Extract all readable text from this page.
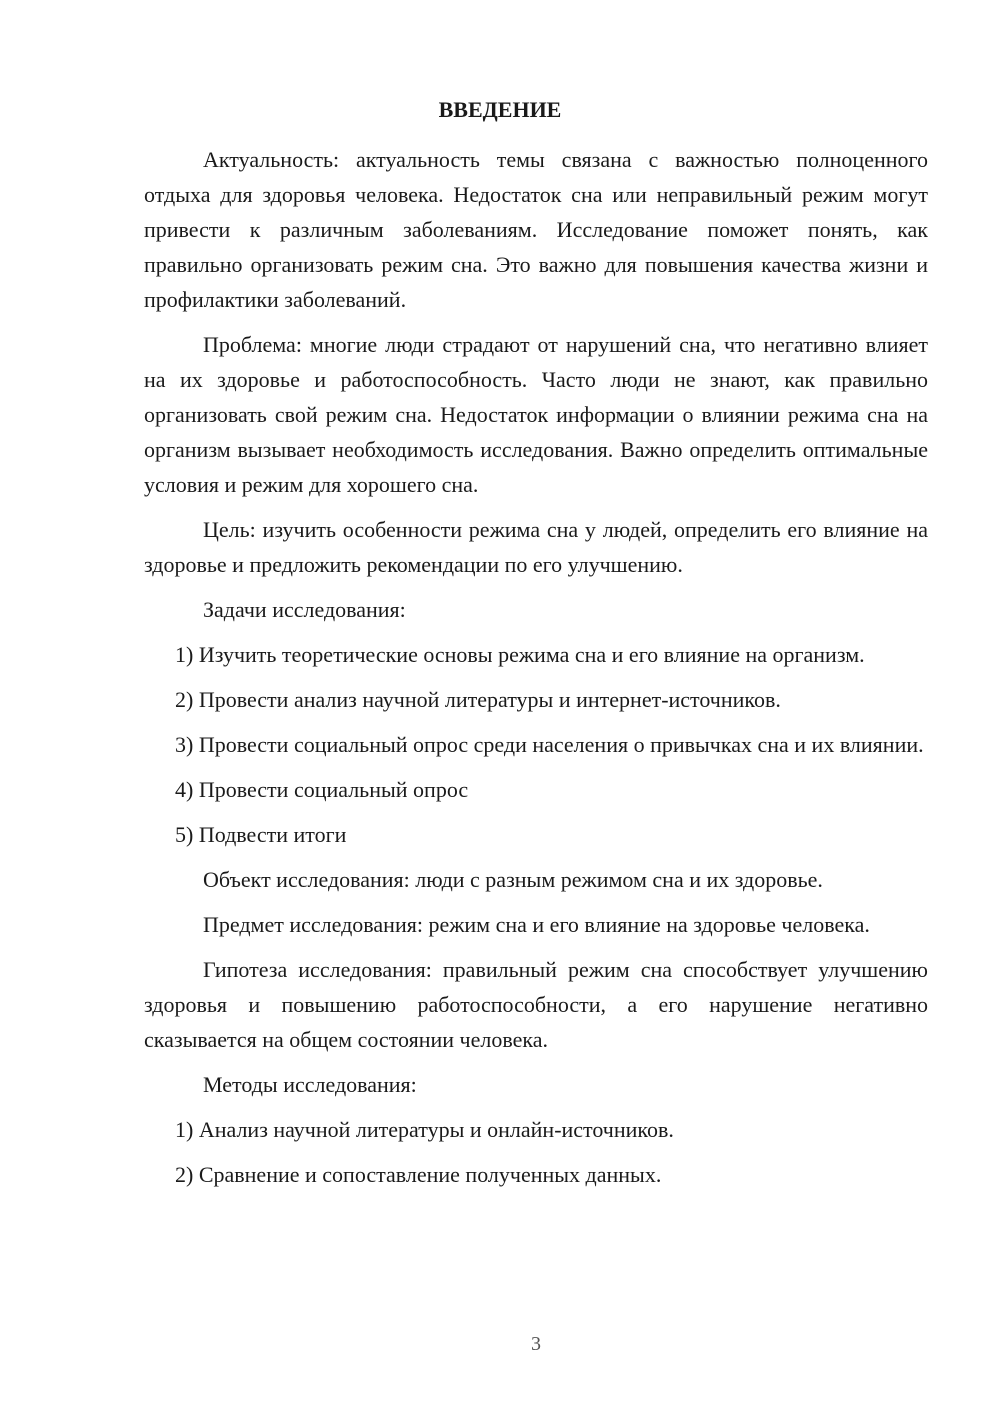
ВВЕДЕНИЕ

Актуальность: актуальность темы связана с важностью полноценного отдыха для здоровья человека. Недостаток сна или неправильный режим могут привести к различным заболеваниям. Исследование поможет понять, как правильно организовать режим сна. Это важно для повышения качества жизни и профилактики заболеваний.

Проблема: многие люди страдают от нарушений сна, что негативно влияет на их здоровье и работоспособность. Часто люди не знают, как правильно организовать свой режим сна. Недостаток информации о влиянии режима сна на организм вызывает необходимость исследования. Важно определить оптимальные условия и режим для хорошего сна.

Цель: изучить особенности режима сна у людей, определить его влияние на здоровье и предложить рекомендации по его улучшению.

Задачи исследования:

1) Изучить теоретические основы режима сна и его влияние на организм.

2) Провести анализ научной литературы и интернет-источников.

3) Провести социальный опрос среди населения о привычках сна и их влиянии.

4) Провести социальный опрос

5) Подвести итоги

Объект исследования: люди с разным режимом сна и их здоровье.

Предмет исследования: режим сна и его влияние на здоровье человека.

Гипотеза исследования: правильный режим сна способствует улучшению здоровья и повышению работоспособности, а его нарушение негативно сказывается на общем состоянии человека.

Методы исследования:

1) Анализ научной литературы и онлайн-источников.

2) Сравнение и сопоставление полученных данных.

3
